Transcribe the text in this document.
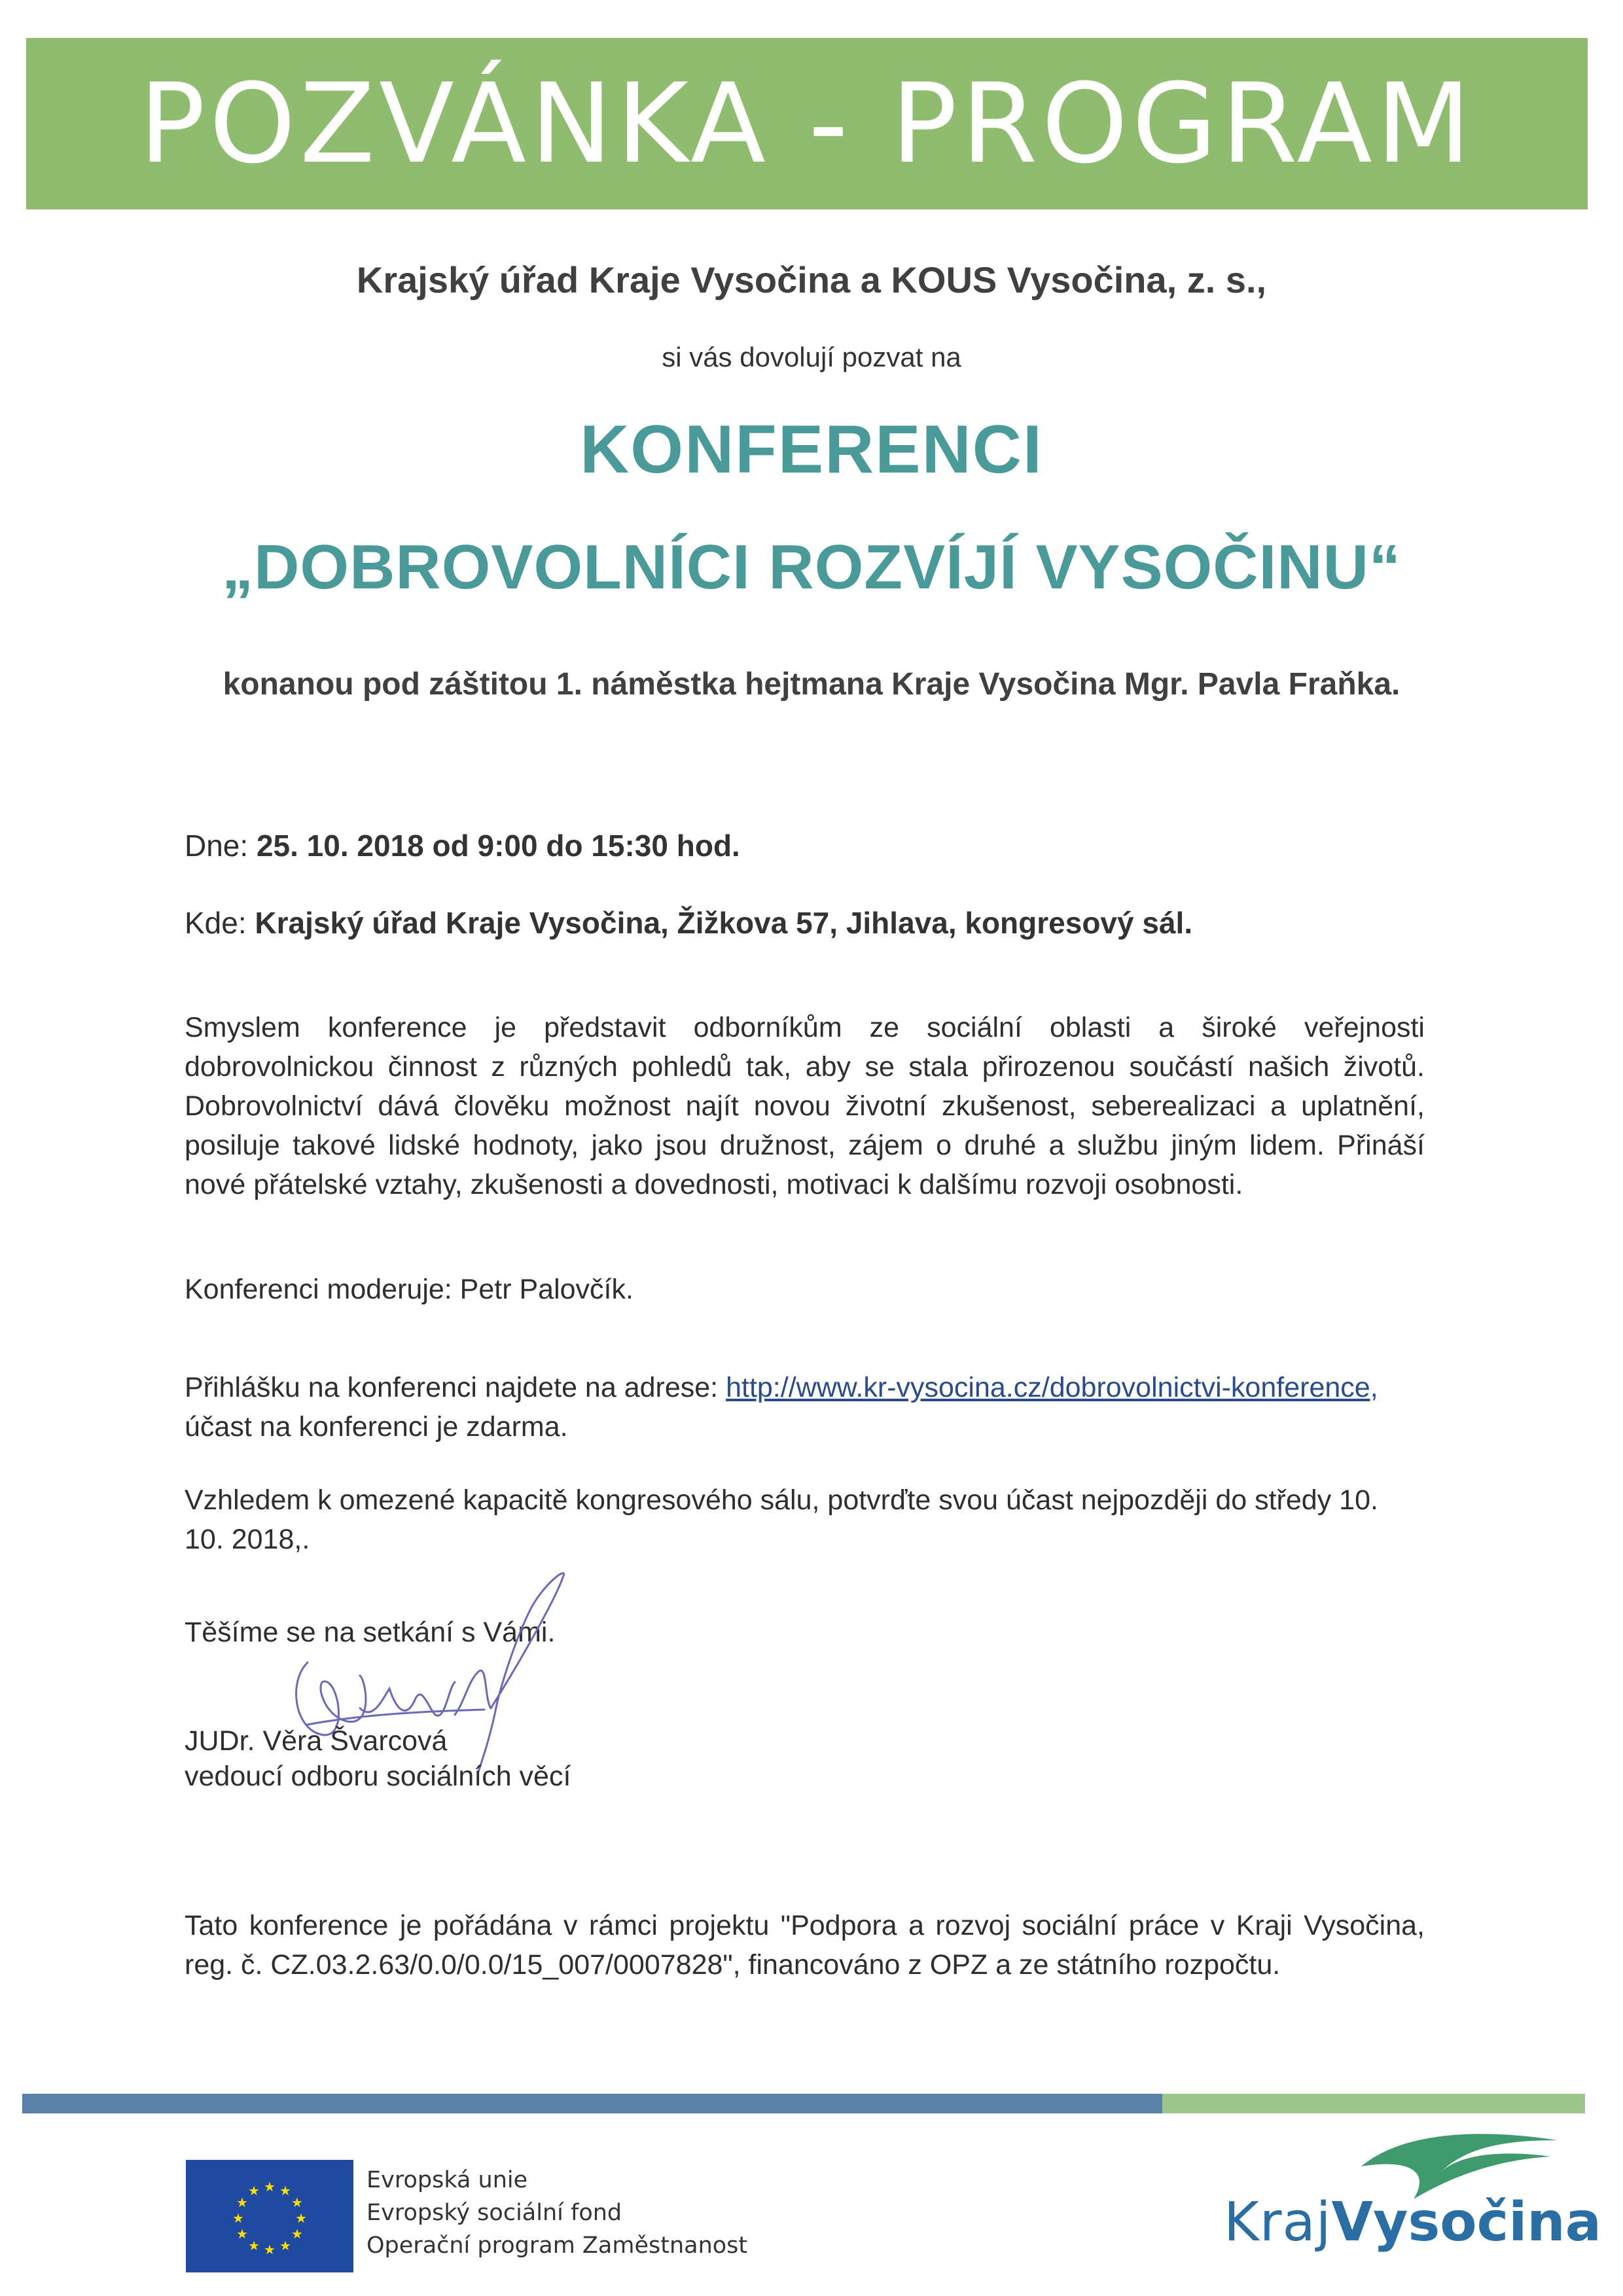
POZVÁNKA - PROGRAM
Krajský úřad Kraje Vysočina a KOUS Vysočina, z. s.,
si vás dovolují pozvat na
KONFERENCI
„DOBROVOLNÍCI ROZVÍJÍ VYSOČINU“
konanou pod záštitou 1. náměstka hejtmana Kraje Vysočina Mgr. Pavla Fraňka.
Dne: 25. 10. 2018 od 9:00 do 15:30 hod.
Kde: Krajský úřad Kraje Vysočina, Žižkova 57, Jihlava, kongresový sál.
Smyslem konference je představit odborníkům ze sociální oblasti a široké veřejnosti dobrovolnickou činnost z různých pohledů tak, aby se stala přirozenou součástí našich životů. Dobrovolnictví dává člověku možnost najít novou životní zkušenost, seberealizaci a uplatnění, posiluje takové lidské hodnoty, jako jsou družnost, zájem o druhé a službu jiným lidem. Přináší nové přátelské vztahy, zkušenosti a dovednosti, motivaci k dalšímu rozvoji osobnosti.
Konferenci moderuje: Petr Palovčík.
Přihlášku na konferenci najdete na adrese: http://www.kr-vysocina.cz/dobrovolnictvi-konference, účast na konferenci je zdarma.
Vzhledem k omezené kapacitě kongresového sálu, potvrďte svou účast nejpozději do středy 10. 10. 2018,.
Těšíme se na setkání s Vámi.
JUDr. Věra Švarcová
vedoucí odboru sociálních věcí
Tato konference je pořádána v rámci projektu "Podpora a rozvoj sociální práce v Kraji Vysočina, reg. č. CZ.03.2.63/0.0/0.0/15_007/0007828", financováno z OPZ a ze státního rozpočtu.
★ ★
★
★
★
★
★
★
★
★
★
★	Evropská unie
Evropský sociální fond
Operační program Zaměstnanost	KrajVysočina
